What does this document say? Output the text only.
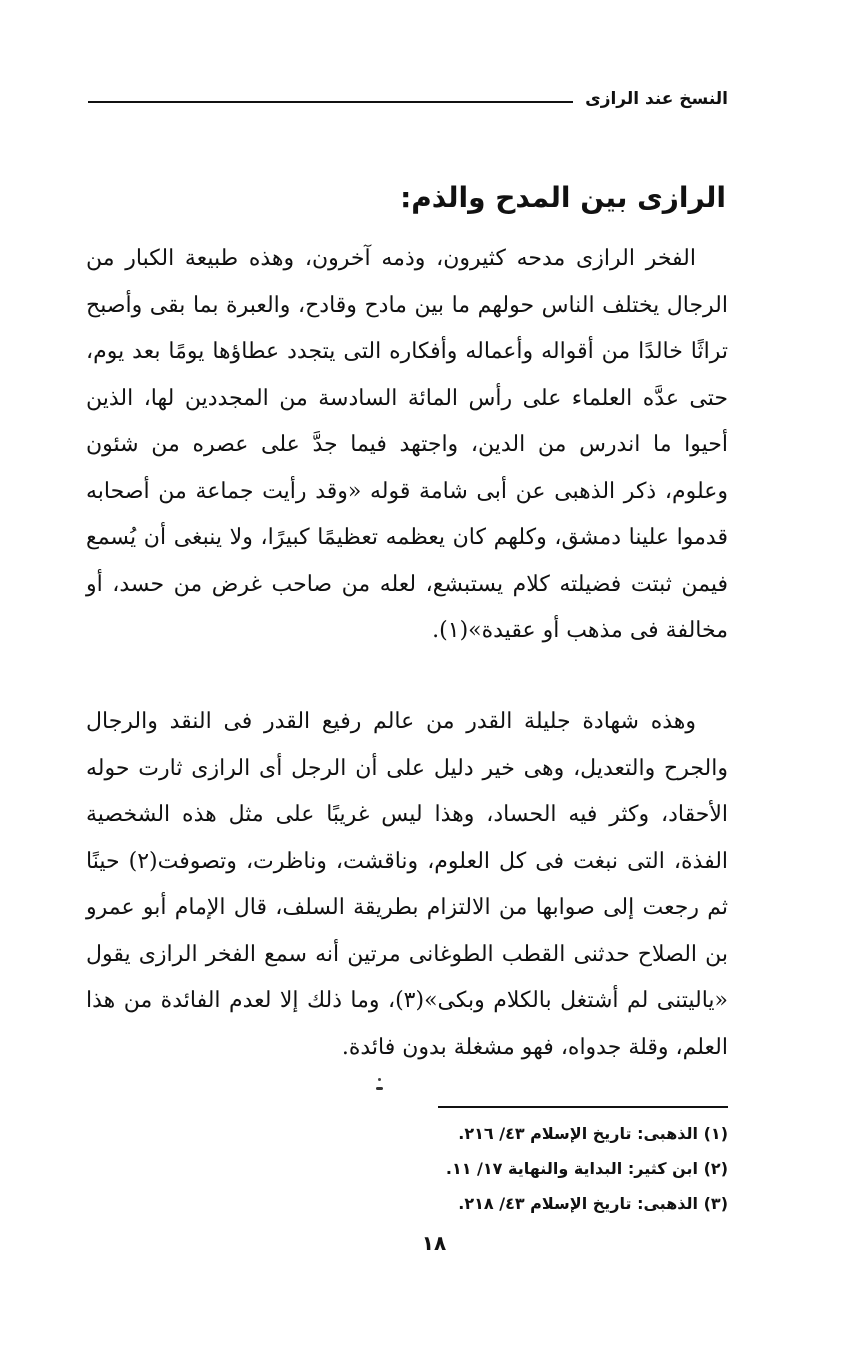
النسخ عند الرازى
الرازى بين المدح والذم:

الفخر الرازى مدحه كثيرون، وذمه آخرون، وهذه طبيعة الكبار من الرجال يختلف الناس حولهم ما بين مادح وقادح، والعبرة بما بقى وأصبح تراثًا خالدًا من أقواله وأعماله وأفكاره التى يتجدد عطاؤها يومًا بعد يوم، حتى عدَّه العلماء على رأس المائة السادسة من المجددين لها، الذين أحيوا ما اندرس من الدين، واجتهد فيما جدَّ على عصره من شئون وعلوم، ذكر الذهبى عن أبى شامة قوله «وقد رأيت جماعة من أصحابه قدموا علينا دمشق، وكلهم كان يعظمه تعظيمًا كبيرًا، ولا ينبغى أن يُسمع فيمن ثبتت فضيلته كلام يستبشع، لعله من صاحب غرض من حسد، أو مخالفة فى مذهب أو عقيدة»(١).

وهذه شهادة جليلة القدر من عالم رفيع القدر فى النقد والرجال والجرح والتعديل، وهى خير دليل على أن الرجل أى الرازى ثارت حوله الأحقاد، وكثر فيه الحساد، وهذا ليس غريبًا على مثل هذه الشخصية الفذة، التى نبغت فى كل العلوم، وناقشت، وناظرت، وتصوفت(٢) حينًا ثم رجعت إلى صوابها من الالتزام بطريقة السلف، قال الإمام أبو عمرو بن الصلاح حدثنى القطب الطوغانى مرتين أنه سمع الفخر الرازى يقول «ياليتنى لم أشتغل بالكلام وبكى»(٣)، وما ذلك إلا لعدم الفائدة من هذا العلم، وقلة جدواه، فهو مشغلة بدون فائدة.

(١) الذهبى: تاريخ الإسلام ٤٣/ ٢١٦.
(٢) ابن كثير: البداية والنهاية ١٧/ ١١.
(٣) الذهبى: تاريخ الإسلام ٤٣/ ٢١٨.
١٨
